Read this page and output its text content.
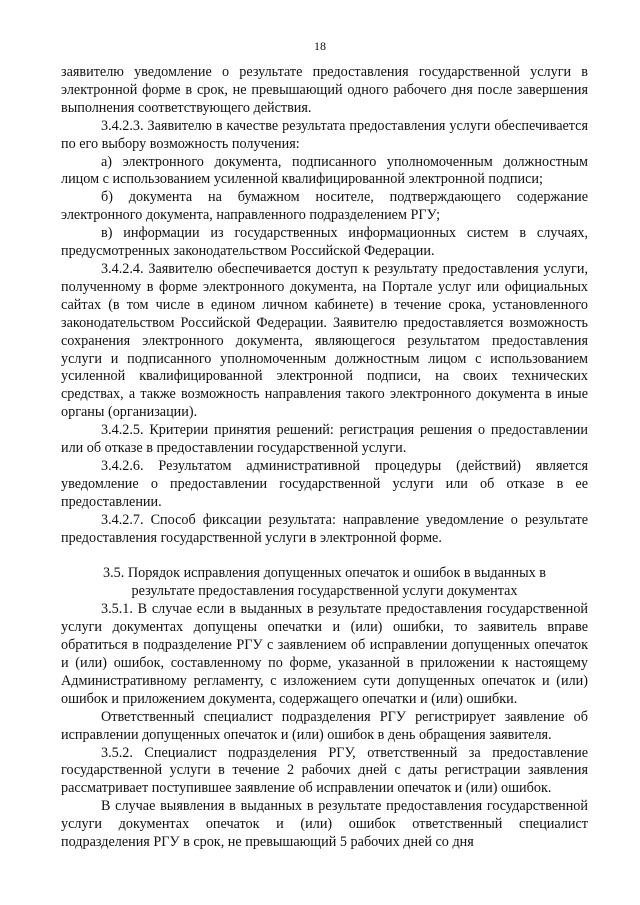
18

заявителю уведомление о результате предоставления государственной услуги в электронной форме в срок, не превышающий одного рабочего дня после завершения выполнения соответствующего действия.

3.4.2.3. Заявителю в качестве результата предоставления услуги обеспечивается по его выбору возможность получения:

а) электронного документа, подписанного уполномоченным должностным лицом с использованием усиленной квалифицированной электронной подписи;

б) документа на бумажном носителе, подтверждающего содержание электронного документа, направленного подразделением РГУ;

в) информации из государственных информационных систем в случаях, предусмотренных законодательством Российской Федерации.

3.4.2.4. Заявителю обеспечивается доступ к результату предоставления услуги, полученному в форме электронного документа, на Портале услуг или официальных сайтах (в том числе в едином личном кабинете) в течение срока, установленного законодательством Российской Федерации. Заявителю предоставляется возможность сохранения электронного документа, являющегося результатом предоставления услуги и подписанного уполномоченным должностным лицом с использованием усиленной квалифицированной электронной подписи, на своих технических средствах, а также возможность направления такого электронного документа в иные органы (организации).

3.4.2.5. Критерии принятия решений: регистрация решения о предоставлении или об отказе в предоставлении государственной услуги.

3.4.2.6. Результатом административной процедуры (действий) является уведомление о предоставлении государственной услуги или об отказе в ее предоставлении.

3.4.2.7. Способ фиксации результата: направление уведомление о результате предоставления государственной услуги в электронной форме.

3.5. Порядок исправления допущенных опечаток и ошибок в выданных в результате предоставления государственной услуги документах

3.5.1. В случае если в выданных в результате предоставления государственной услуги документах допущены опечатки и (или) ошибки, то заявитель вправе обратиться в подразделение РГУ с заявлением об исправлении допущенных опечаток и (или) ошибок, составленному по форме, указанной в приложении к настоящему Административному регламенту, с изложением сути допущенных опечаток и (или) ошибок и приложением документа, содержащего опечатки и (или) ошибки.

Ответственный специалист подразделения РГУ регистрирует заявление об исправлении допущенных опечаток и (или) ошибок в день обращения заявителя.

3.5.2. Специалист подразделения РГУ, ответственный за предоставление государственной услуги в течение 2 рабочих дней с даты регистрации заявления рассматривает поступившее заявление об исправлении опечаток и (или) ошибок.

В случае выявления в выданных в результате предоставления государственной услуги документах опечаток и (или) ошибок ответственный специалист подразделения РГУ в срок, не превышающий 5 рабочих дней со дня
